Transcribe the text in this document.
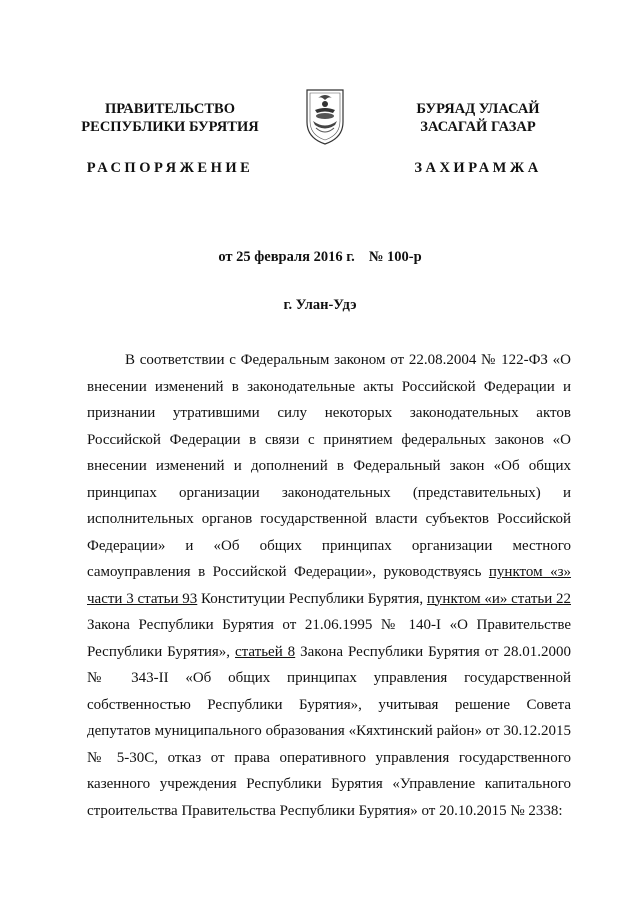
ПРАВИТЕЛЬСТВО
РЕСПУБЛИКИ БУРЯТИЯ
РАСПОРЯЖЕНИЕ
БУРЯАД УЛАСАЙ
ЗАСАГАЙ ГАЗАР
ЗАХИРАМЖА
от 25 февраля 2016 г. № 100-р
г. Улан-Удэ

В соответствии с Федеральным законом от 22.08.2004 № 122-ФЗ «О внесении изменений в законодательные акты Российской Федерации и признании утратившими силу некоторых законодательных актов Российской Федерации в связи с принятием федеральных законов «О внесении изменений и дополнений в Федеральный закон «Об общих принципах организации законодательных (представительных) и исполнительных органов государственной власти субъектов Российской Федерации» и «Об общих принципах организации местного самоуправления в Российской Федерации», руководствуясь пунктом «з» части 3 статьи 93 Конституции Республики Бурятия, пунктом «и» статьи 22 Закона Республики Бурятия от 21.06.1995 № 140-I «О Правительстве Республики Бурятия», статьей 8 Закона Республики Бурятия от 28.01.2000 № 343-II «Об общих принципах управления государственной собственностью Республики Бурятия», учитывая решение Совета депутатов муниципального образования «Кяхтинский район» от 30.12.2015 № 5-30С, отказ от права оперативного управления государственного казенного учреждения Республики Бурятия «Управление капитального строительства Правительства Республики Бурятия» от 20.10.2015 № 2338:
